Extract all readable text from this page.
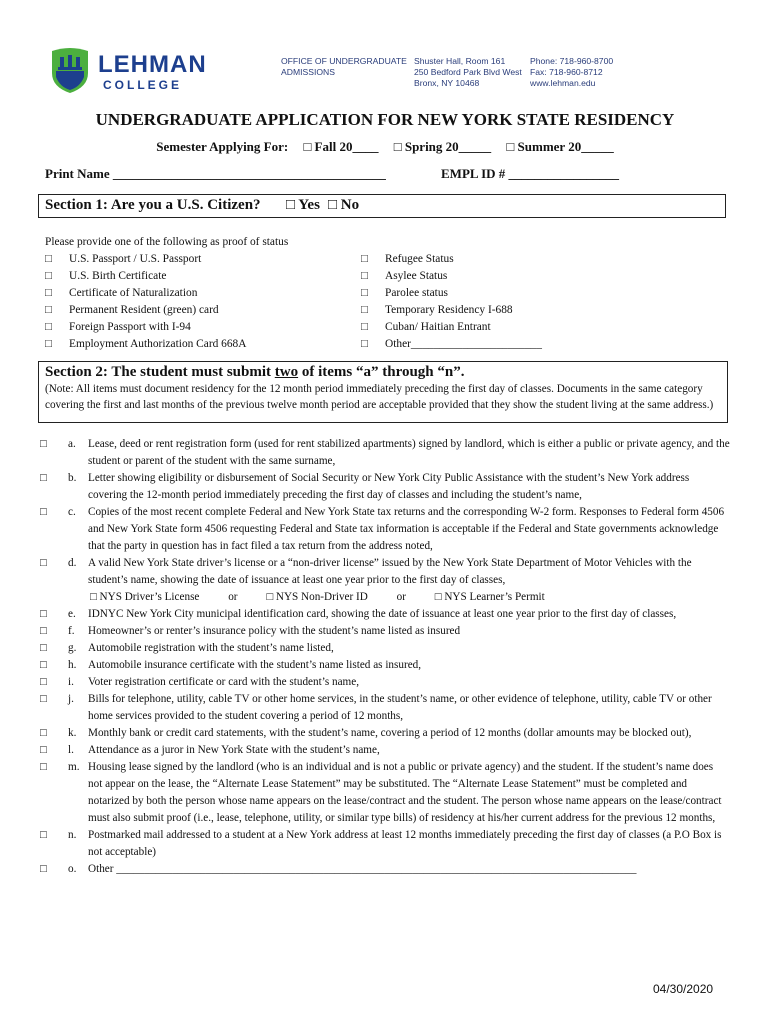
LEHMAN
COLLEGE
OFFICE OF UNDERGRADUATE
ADMISSIONS
Shuster Hall, Room 161
250 Bedford Park Blvd West
Bronx, NY 10468
Phone: 718-960-8700
Fax: 718-960-8712
www.lehman.edu
UNDERGRADUATE APPLICATION FOR NEW YORK STATE RESIDENCY
Semester Applying For: □ Fall 20____ □ Spring 20_____ □ Summer 20_____
Print Name __________________________________________	EMPL ID # _________________
Section 1: Are you a U.S. Citizen? □ Yes □ No
Please provide one of the following as proof of status
□ U.S. Passport / U.S. Passport
□ U.S. Birth Certificate
□ Certificate of Naturalization
□ Permanent Resident (green) card
□ Foreign Passport with I-94
□ Employment Authorization Card 668A
□ Refugee Status
□ Asylee Status
□ Parolee status
□ Temporary Residency I-688
□ Cuban/ Haitian Entrant
□ Other_______________________
Section 2: The student must submit two of items “a” through “n”.
(Note: All items must document residency for the 12 month period immediately preceding the first day of classes. Documents in the same category covering the first and last months of the previous twelve month period are acceptable provided that they show the student living at the same address.)
□ a. Lease, deed or rent registration form (used for rent stabilized apartments) signed by landlord, which is either a public or private agency, and the student or parent of the student with the same surname,
□ b. Letter showing eligibility or disbursement of Social Security or New York City Public Assistance with the student’s New York address covering the 12-month period immediately preceding the first day of classes and including the student’s name,
□ c. Copies of the most recent complete Federal and New York State tax returns and the corresponding W-2 form. Responses to Federal form 4506 and New York State form 4506 requesting Federal and State tax information is acceptable if the Federal and State governments acknowledge that the party in question has in fact filed a tax return from the address noted,
□ d. A valid New York State driver’s license or a “non-driver license” issued by the New York State Department of Motor Vehicles with the student’s name, showing the date of issuance at least one year prior to the first day of classes,
□ NYS Driver’s License	or	□ NYS Non-Driver ID	or	□ NYS Learner’s Permit
□ e. IDNYC New York City municipal identification card, showing the date of issuance at least one year prior to the first day of classes,
□ f. Homeowner’s or renter’s insurance policy with the student’s name listed as insured
□ g. Automobile registration with the student’s name listed,
□ h. Automobile insurance certificate with the student’s name listed as insured,
□ i. Voter registration certificate or card with the student’s name,
□ j. Bills for telephone, utility, cable TV or other home services, in the student’s name, or other evidence of telephone, utility, cable TV or other home services provided to the student covering a period of 12 months,
□ k. Monthly bank or credit card statements, with the student’s name, covering a period of 12 months (dollar amounts may be blocked out),
□ l. Attendance as a juror in New York State with the student’s name,
□ m. Housing lease signed by the landlord (who is an individual and is not a public or private agency) and the student. If the student’s name does not appear on the lease, the “Alternate Lease Statement” may be substituted. The “Alternate Lease Statement” must be completed and notarized by both the person whose name appears on the lease/contract and the student. The person whose name appears on the lease/contract must also submit proof (i.e., lease, telephone, utility, or similar type bills) of residency at his/her current address for the previous 12 months,
□ n. Postmarked mail addressed to a student at a New York address at least 12 months immediately preceding the first day of classes (a P.O Box is not acceptable)
□ o. Other _____________________________________________________________________________________________
04/30/2020
